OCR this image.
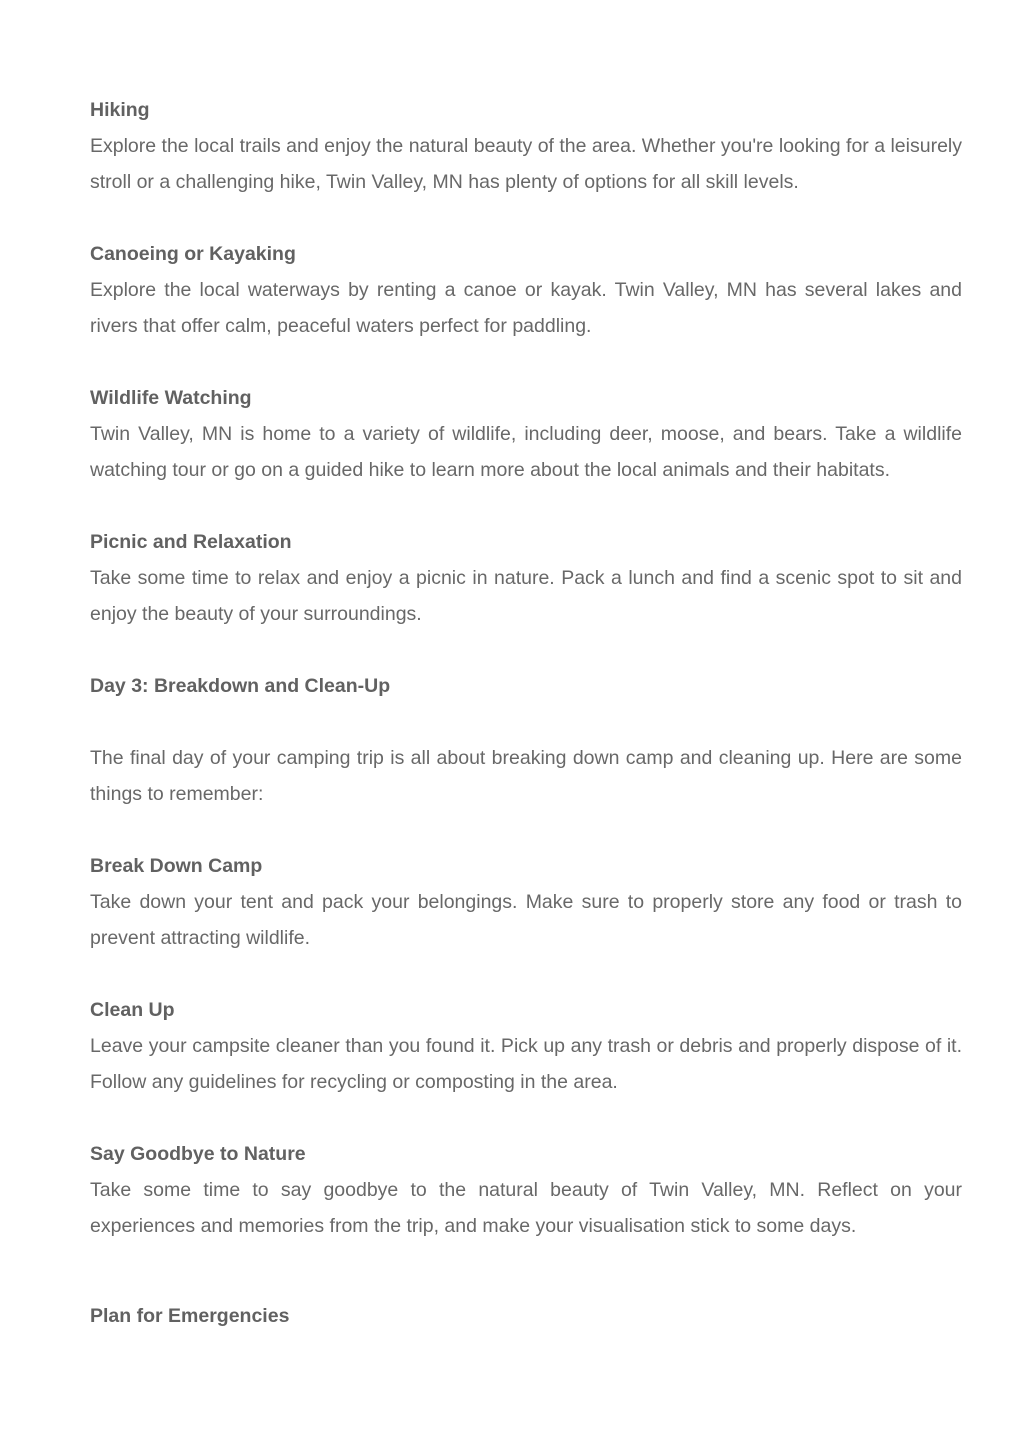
Hiking

Explore the local trails and enjoy the natural beauty of the area. Whether you're looking for a leisurely stroll or a challenging hike, Twin Valley, MN has plenty of options for all skill levels.

Canoeing or Kayaking

Explore the local waterways by renting a canoe or kayak. Twin Valley, MN has several lakes and rivers that offer calm, peaceful waters perfect for paddling.

Wildlife Watching

Twin Valley, MN is home to a variety of wildlife, including deer, moose, and bears. Take a wildlife watching tour or go on a guided hike to learn more about the local animals and their habitats.

Picnic and Relaxation

Take some time to relax and enjoy a picnic in nature. Pack a lunch and find a scenic spot to sit and enjoy the beauty of your surroundings.

Day 3: Breakdown and Clean-Up

The final day of your camping trip is all about breaking down camp and cleaning up. Here are some things to remember:

Break Down Camp

Take down your tent and pack your belongings. Make sure to properly store any food or trash to prevent attracting wildlife.

Clean Up

Leave your campsite cleaner than you found it. Pick up any trash or debris and properly dispose of it. Follow any guidelines for recycling or composting in the area.

Say Goodbye to Nature

Take some time to say goodbye to the natural beauty of Twin Valley, MN. Reflect on your experiences and memories from the trip, and make your visualisation stick to some days.

Plan for Emergencies
